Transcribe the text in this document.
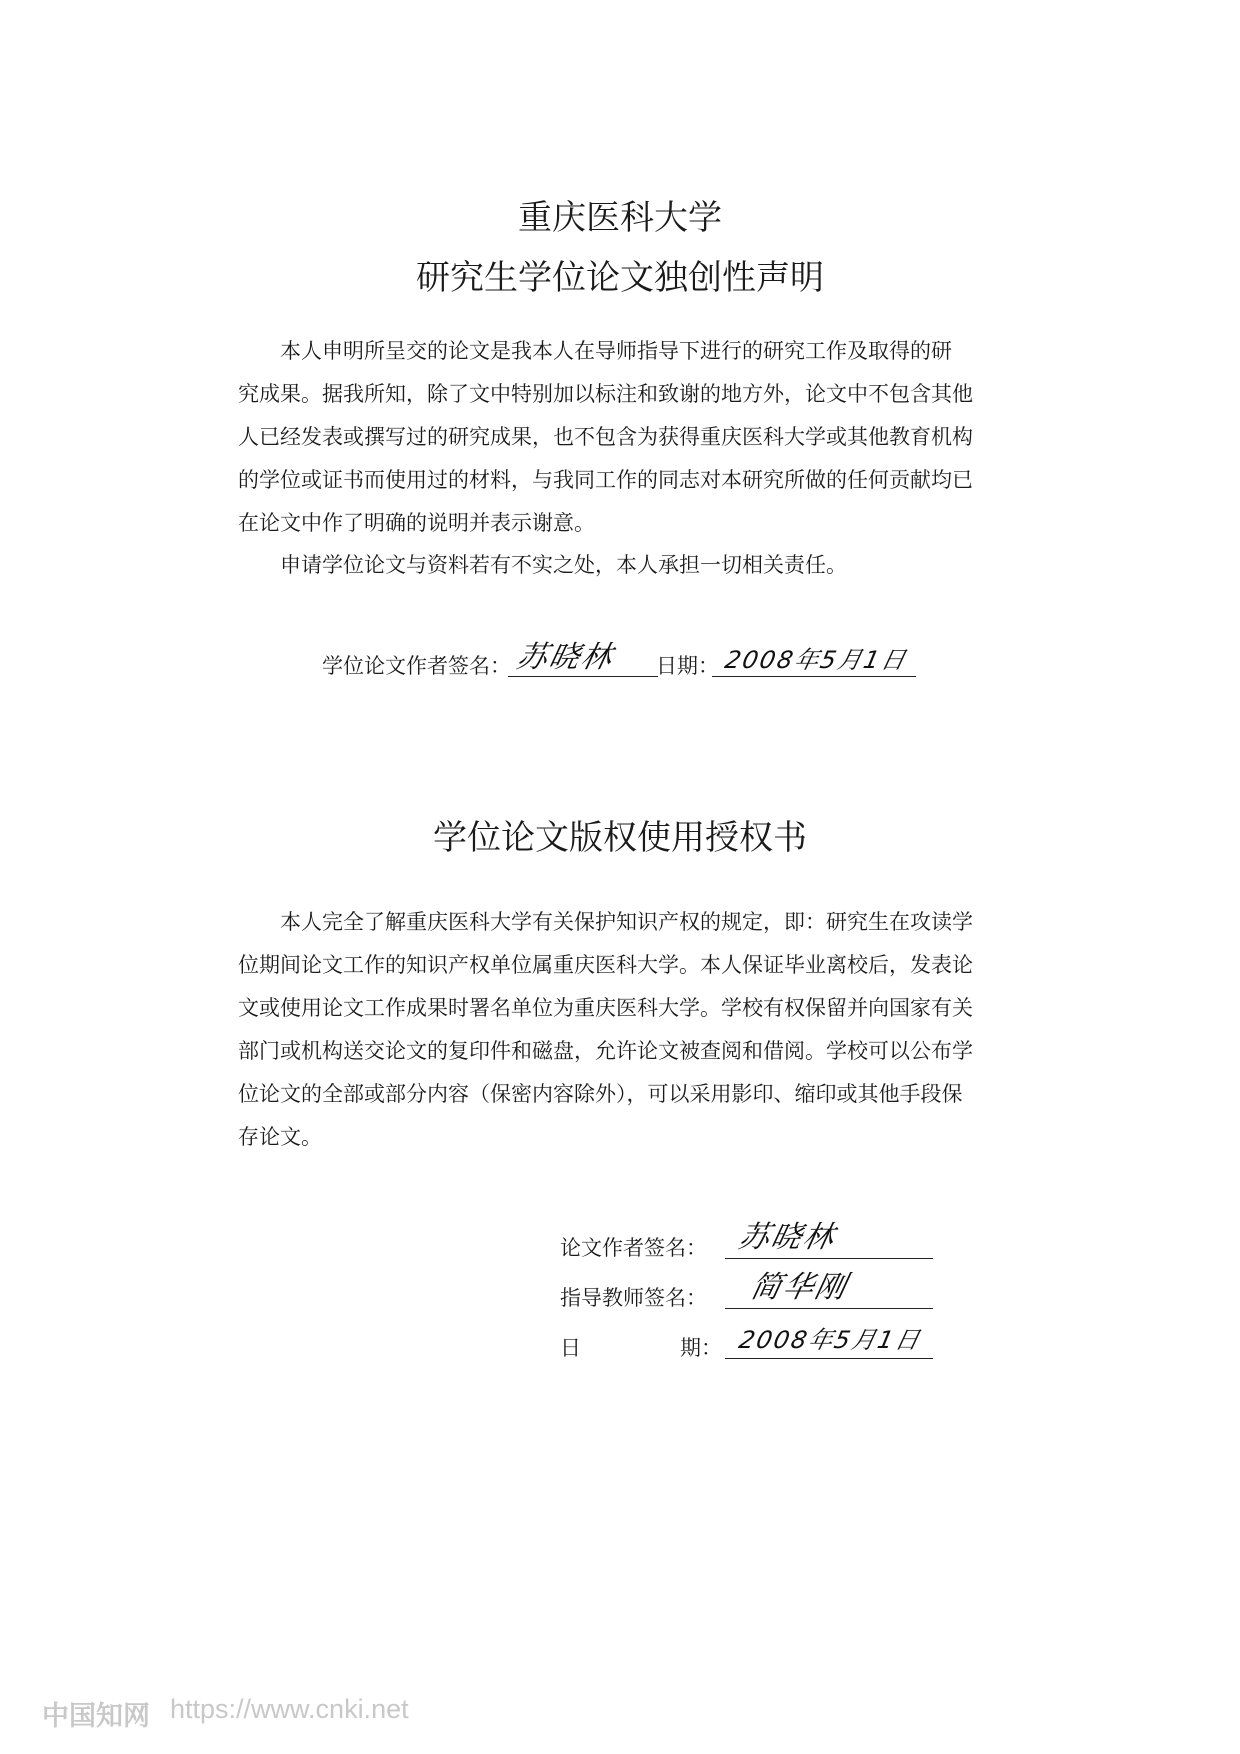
重庆医科大学
研究生学位论文独创性声明
本人申明所呈交的论文是我本人在导师指导下进行的研究工作及取得的研
究成果。据我所知，除了文中特别加以标注和致谢的地方外，论文中不包含其他
人已经发表或撰写过的研究成果，也不包含为获得重庆医科大学或其他教育机构
的学位或证书而使用过的材料，与我同工作的同志对本研究所做的任何贡献均已
在论文中作了明确的说明并表示谢意。
申请学位论文与资料若有不实之处，本人承担一切相关责任。
学位论文作者签名： 苏晓林 日期： 2008年5月1日
学位论文版权使用授权书
本人完全了解重庆医科大学有关保护知识产权的规定，即：研究生在攻读学
位期间论文工作的知识产权单位属重庆医科大学。本人保证毕业离校后，发表论
文或使用论文工作成果时署名单位为重庆医科大学。学校有权保留并向国家有关
部门或机构送交论文的复印件和磁盘，允许论文被查阅和借阅。学校可以公布学
位论文的全部或部分内容（保密内容除外），可以采用影印、缩印或其他手段保
存论文。
论文作者签名： 苏晓林
指导教师签名： 简华刚
日	期： 2008年5月1日
中国知网 https://www.cnki.net
